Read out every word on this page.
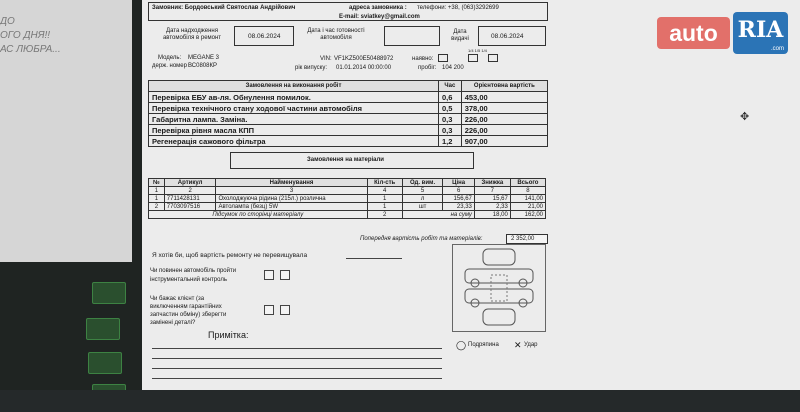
ДО
ОГО ДНЯ!!
АС ЛЮБРА...
Замовник: Бордовський Святослав Андрійович	адреса замовника : телефони: +38, (063)3292699
E-mail: sviatkey@gmail.com
Дата надходження автомобіля в ремонт	08.06.2024
Дата і час готовності автомобіля
Дата видачі	08.06.2024
1/4 1/5 1/4
Модель: MEGANE 3
держ. номер ВС0808КР
VIN: VF1KZ500E50488972	наявно:
рік випуску: 01.01.2014 00:00:00	пробіг: 104 200
Замовлення на виконання робіт	Час	Орієнтовна вартість
Перевірка ЕБУ ав-ля. Обнулення помилок.	0,6	453,00
Перевірка технічного стану ходової частини автомобіля	0,5	378,00
Габаритна лампа. Заміна.	0,3	226,00
Перевірка рівня масла КПП	0,3	226,00
Регенерація сажового фільтра	1,2	907,00
Замовлення на матеріали
№	Артикул	Найменування	Кіл-сть	Од. вим.	Ціна	Знижка	Всього
1	2	3	4	5	6	7	8
1	7711428131	Охолоджуюча рідина (215л.) розлична	1	л	156,67	15,67	141,00
2	7703097516	Автолампа (безц) 5W	1	шт	23,33	2,33	21,00
Підсумок по сторінці матеріалу			2	на суму		18,00	162,00
Попередня вартість робіт та матеріалів:	2 352,00
Я хотів би, щоб вартість ремонту не перевищувала
Чи повинен автомобіль пройти
інструментальний контроль
Чи бажає клієнт (за
виключенням гарантійних
запчастин обміну) зберегти
замінені деталі?
Примітка:
◯ Подряпина ✕ Удар
auto RIA
.com
✥
